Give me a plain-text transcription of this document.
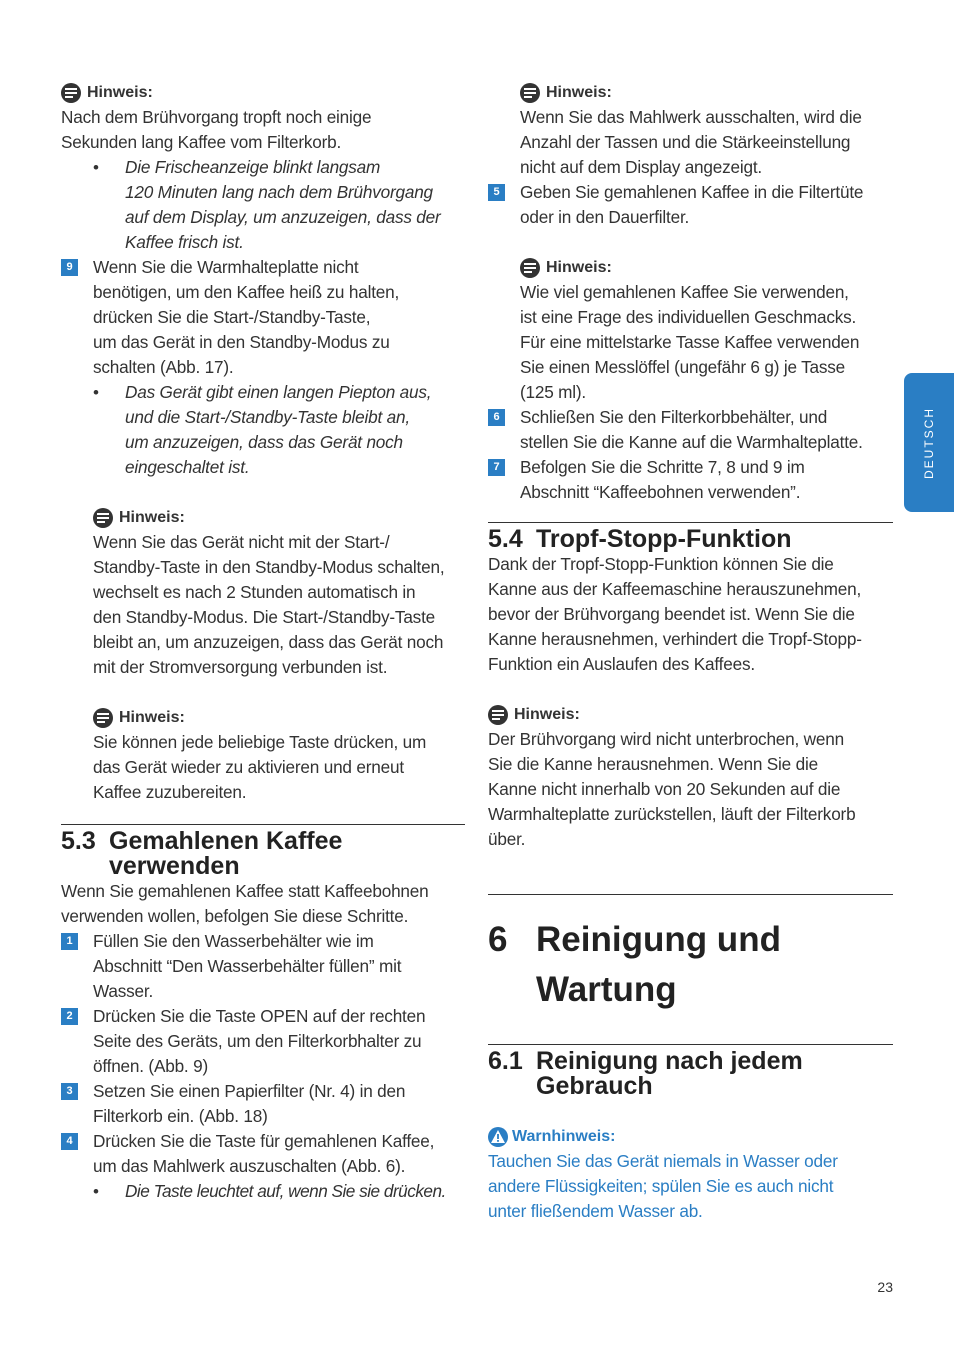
Hinweis:
Nach dem Brühvorgang tropft noch einige
Sekunden lang Kaffee vom Filterkorb.
• Die Frischeanzeige blinkt langsam
120 Minuten lang nach dem Brühvorgang
auf dem Display, um anzuzeigen, dass der
Kaffee frisch ist.
9	Wenn Sie die Warmhalteplatte nicht
benötigen, um den Kaffee heiß zu halten,
drücken Sie die Start-/Standby-Taste,
um das Gerät in den Standby-Modus zu
schalten (Abb. 17).
• Das Gerät gibt einen langen Piepton aus,
und die Start-/Standby-Taste bleibt an,
um anzuzeigen, dass das Gerät noch
eingeschaltet ist.
Hinweis:
Wenn Sie das Gerät nicht mit der Start-/
Standby-Taste in den Standby-Modus schalten,
wechselt es nach 2 Stunden automatisch in
den Standby-Modus. Die Start-/Standby-Taste
bleibt an, um anzuzeigen, dass das Gerät noch
mit der Stromversorgung verbunden ist.
Hinweis:
Sie können jede beliebige Taste drücken, um
das Gerät wieder zu aktivieren und erneut
Kaffee zuzubereiten.
5.3 Gemahlenen Kaffee
verwenden
Wenn Sie gemahlenen Kaffee statt Kaffeebohnen
verwenden wollen, befolgen Sie diese Schritte.
1	Füllen Sie den Wasserbehälter wie im
Abschnitt “Den Wasserbehälter füllen” mit
Wasser.
2	Drücken Sie die Taste OPEN auf der rechten
Seite des Geräts, um den Filterkorbhalter zu
öffnen. (Abb. 9)
3	Setzen Sie einen Papierfilter (Nr. 4) in den
Filterkorb ein. (Abb. 18)
4	Drücken Sie die Taste für gemahlenen Kaffee,
um das Mahlwerk auszuschalten (Abb. 6).
• Die Taste leuchtet auf, wenn Sie sie drücken.
Hinweis:
Wenn Sie das Mahlwerk ausschalten, wird die
Anzahl der Tassen und die Stärkeeinstellung
nicht auf dem Display angezeigt.
5	Geben Sie gemahlenen Kaffee in die Filtertüte
oder in den Dauerfilter.
Hinweis:
Wie viel gemahlenen Kaffee Sie verwenden,
ist eine Frage des individuellen Geschmacks.
Für eine mittelstarke Tasse Kaffee verwenden
Sie einen Messlöffel (ungefähr 6 g) je Tasse
(125 ml).
6	Schließen Sie den Filterkorbbehälter, und
stellen Sie die Kanne auf die Warmhalteplatte.
7	Befolgen Sie die Schritte 7, 8 und 9 im
Abschnitt “Kaffeebohnen verwenden”.
5.4 Tropf-Stopp-Funktion
Dank der Tropf-Stopp-Funktion können Sie die
Kanne aus der Kaffeemaschine herauszunehmen,
bevor der Brühvorgang beendet ist. Wenn Sie die
Kanne herausnehmen, verhindert die Tropf-Stopp-
Funktion ein Auslaufen des Kaffees.
Hinweis:
Der Brühvorgang wird nicht unterbrochen, wenn
Sie die Kanne herausnehmen. Wenn Sie die
Kanne nicht innerhalb von 20 Sekunden auf die
Warmhalteplatte zurückstellen, läuft der Filterkorb
über.
6 Reinigung und
Wartung
6.1 Reinigung nach jedem
Gebrauch
Warnhinweis:
Tauchen Sie das Gerät niemals in Wasser oder
andere Flüssigkeiten; spülen Sie es auch nicht
unter fließendem Wasser ab.
DEUTSCH
23
